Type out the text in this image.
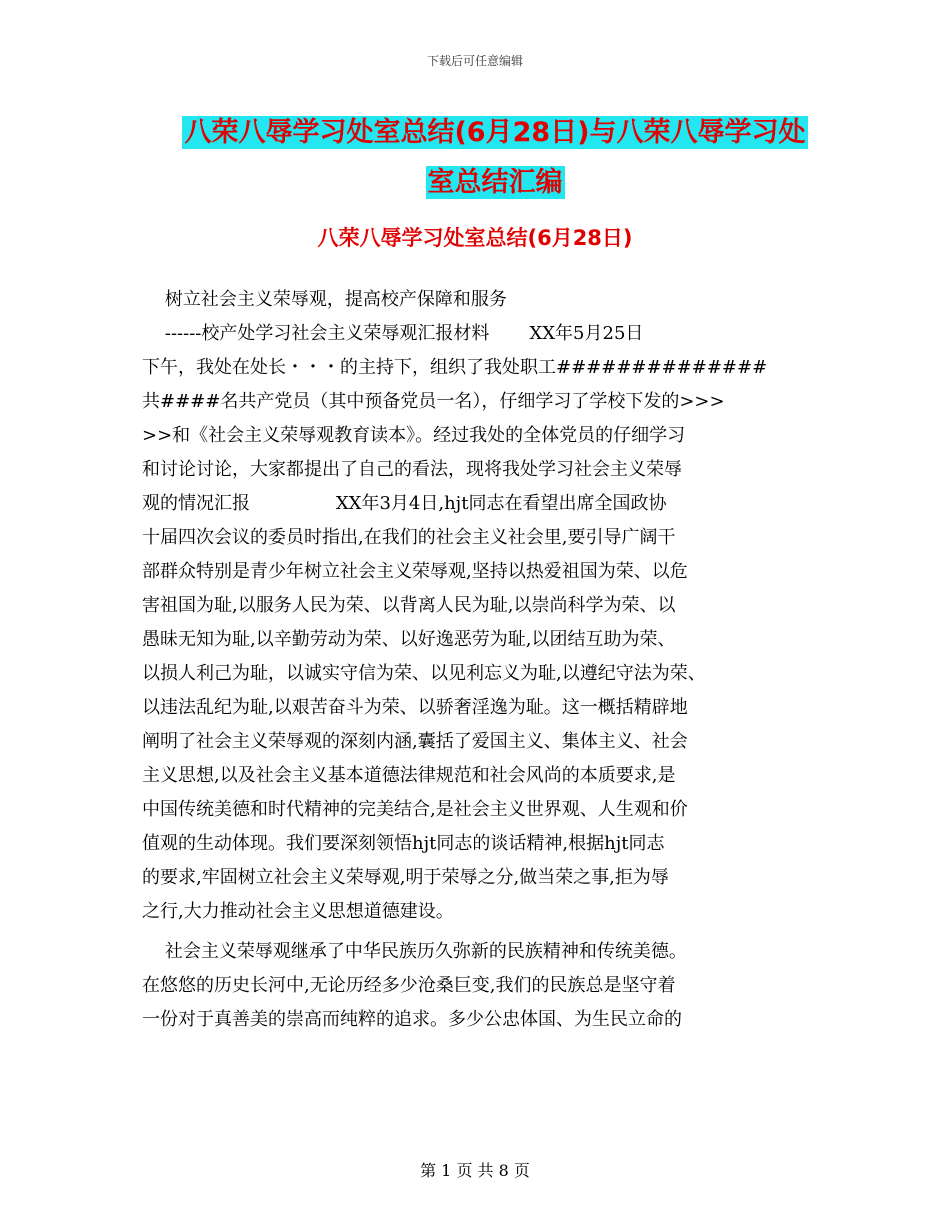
下载后可任意编辑
八荣八辱学习处室总结(6月28日)与八荣八辱学习处
室总结汇编
八荣八辱学习处室总结(6月28日)
树立社会主义荣辱观，提高校产保障和服务
------校产处学习社会主义荣辱观汇报材料       XX年5月25日
下午，我处在处长・・・的主持下，组织了我处职工##############
共####名共产党员（其中预备党员一名），仔细学习了学校下发的>>>
>>和《社会主义荣辱观教育读本》。经过我处的全体党员的仔细学习
和讨论讨论，大家都提出了自己的看法，现将我处学习社会主义荣辱
观的情况汇报               XX年3月4日,hjt同志在看望出席全国政协
十届四次会议的委员时指出,在我们的社会主义社会里,要引导广阔干
部群众特别是青少年树立社会主义荣辱观,坚持以热爱祖国为荣、以危
害祖国为耻,以服务人民为荣、以背离人民为耻,以崇尚科学为荣、以
愚昧无知为耻,以辛勤劳动为荣、以好逸恶劳为耻,以团结互助为荣、
以损人利己为耻，以诚实守信为荣、以见利忘义为耻,以遵纪守法为荣、
以违法乱纪为耻,以艰苦奋斗为荣、以骄奢淫逸为耻。这一概括精辟地
阐明了社会主义荣辱观的深刻内涵,囊括了爱国主义、集体主义、社会
主义思想,以及社会主义基本道德法律规范和社会风尚的本质要求,是
中国传统美德和时代精神的完美结合,是社会主义世界观、人生观和价
值观的生动体现。我们要深刻领悟hjt同志的谈话精神,根据hjt同志
的要求,牢固树立社会主义荣辱观,明于荣辱之分,做当荣之事,拒为辱
之行,大力推动社会主义思想道德建设。
社会主义荣辱观继承了中华民族历久弥新的民族精神和传统美德。
在悠悠的历史长河中,无论历经多少沧桑巨变,我们的民族总是坚守着
一份对于真善美的崇高而纯粹的追求。多少公忠体国、为生民立命的
第 1 页 共 8 页
